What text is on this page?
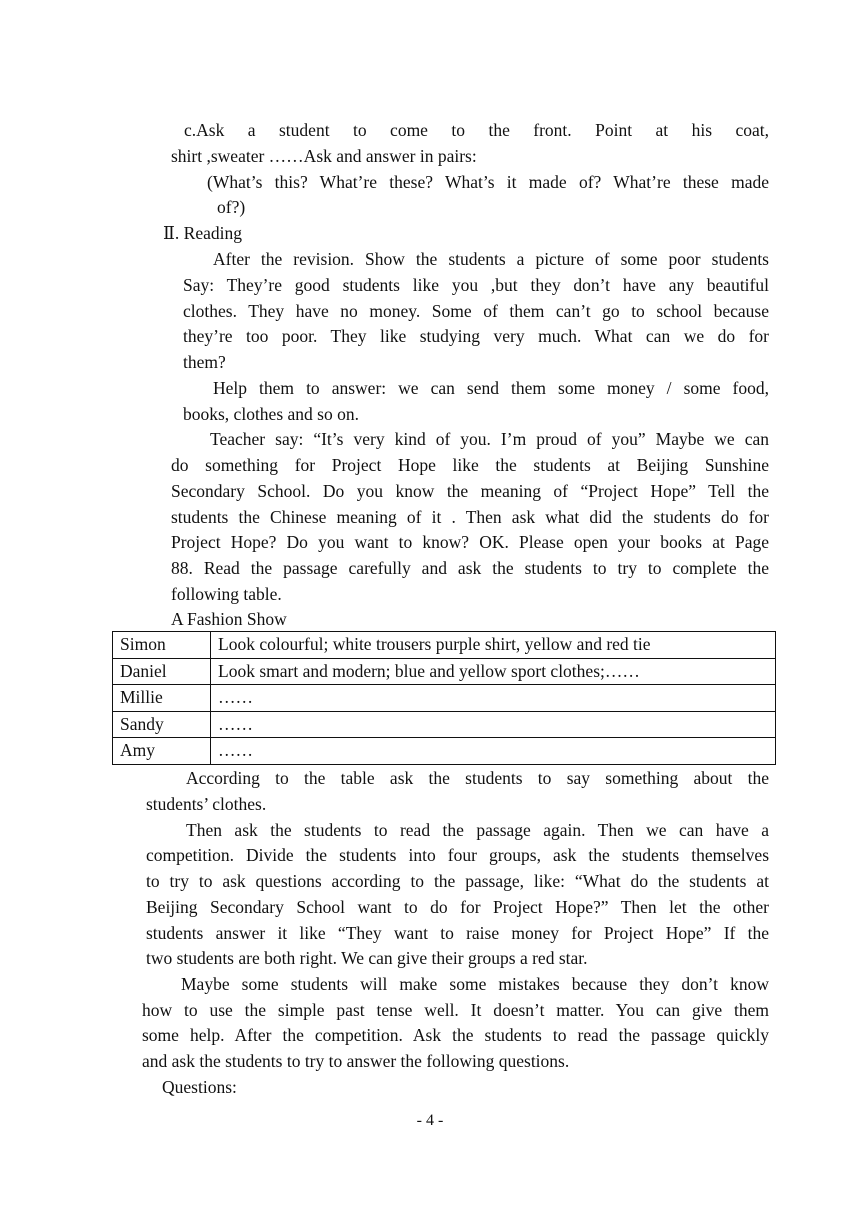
c.Ask a student to come to the front. Point at his coat,
shirt ,sweater ……Ask and answer in pairs:
(What’s this? What’re these? What’s it made of? What’re these made
of?)
Ⅱ. Reading
After the revision. Show the students a picture of some poor students
Say: They’re good students like you ,but they don’t have any beautiful
clothes. They have no money. Some of them can’t go to school because
they’re too poor. They like studying very much. What can we do for
them?
Help them to answer: we can send them some money / some food,
books, clothes and so on.
Teacher say: “It’s very kind of you. I’m proud of you” Maybe we can
do something for Project Hope like the students at Beijing Sunshine
Secondary School. Do you know the meaning of “Project Hope” Tell the
students the Chinese meaning of it . Then ask what did the students do for
Project Hope? Do you want to know? OK. Please open your books at Page
88. Read the passage carefully and ask the students to try to complete the
following table.
A Fashion Show
Simon	Look colourful; white trousers purple shirt, yellow and red tie
Daniel	Look smart and modern; blue and yellow sport clothes;……
Millie	……
Sandy	……
Amy	……
According to the table ask the students to say something about the
students’ clothes.
Then ask the students to read the passage again. Then we can have a
competition. Divide the students into four groups, ask the students themselves
to try to ask questions according to the passage, like: “What do the students at
Beijing Secondary School want to do for Project Hope?” Then let the other
students answer it like “They want to raise money for Project Hope” If the
two students are both right. We can give their groups a red star.
Maybe some students will make some mistakes because they don’t know
how to use the simple past tense well. It doesn’t matter. You can give them
some help. After the competition. Ask the students to read the passage quickly
and ask the students to try to answer the following questions.
Questions:
- 4 -
